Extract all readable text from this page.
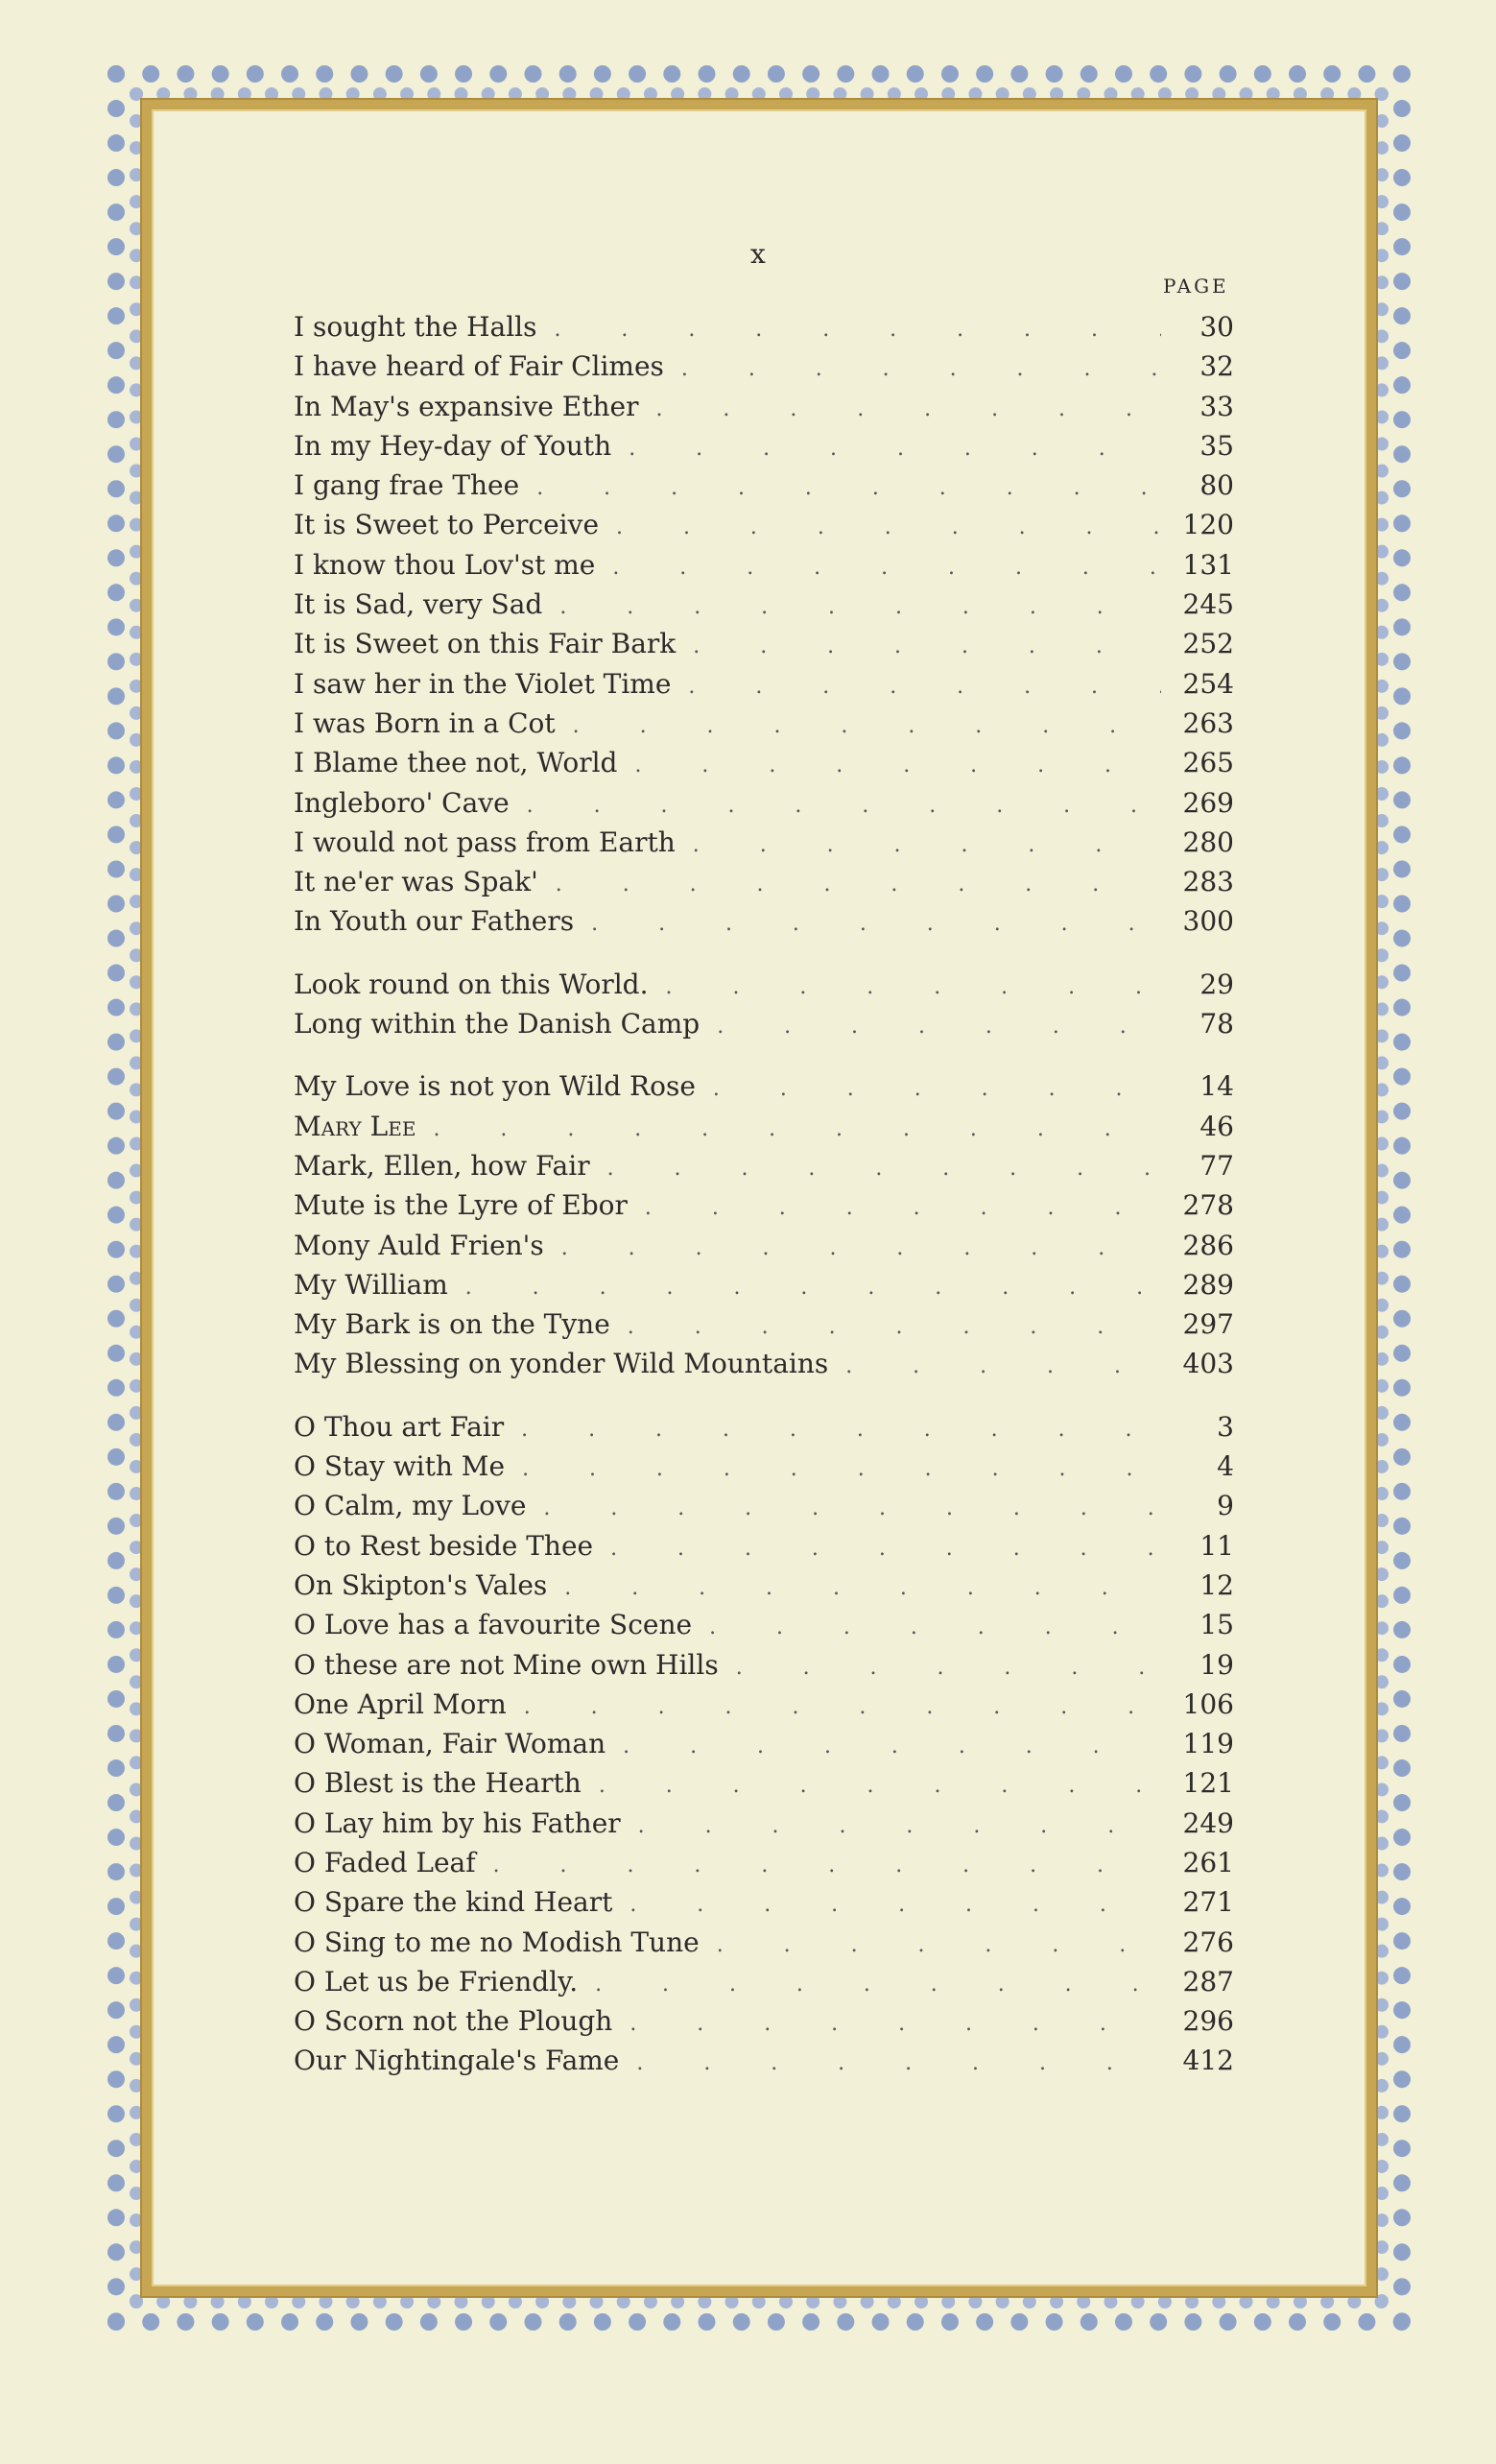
x
PAGE
I sought the Halls .	30
I have heard of Fair Climes .	32
In May's expansive Ether .	33
In my Hey-day of Youth .	35
I gang frae Thee .	80
It is Sweet to Perceive .	120
I know thou Lov'st me .	131
It is Sad, very Sad .	245
It is Sweet on this Fair Bark .	252
I saw her in the Violet Time .	254
I was Born in a Cot .	263
I Blame thee not, World .	265
Ingleboro' Cave .	269
I would not pass from Earth .	280
It ne'er was Spak' .	283
In Youth our Fathers .	300
Look round on this World. .	29
Long within the Danish Camp .	78
My Love is not yon Wild Rose .	14
Mary Lee .	46
Mark, Ellen, how Fair .	77
Mute is the Lyre of Ebor .	278
Mony Auld Frien's .	286
My William .	289
My Bark is on the Tyne .	297
My Blessing on yonder Wild Mountains .	403
O Thou art Fair .	3
O Stay with Me .	4
O Calm, my Love .	9
O to Rest beside Thee .	11
On Skipton's Vales .	12
O Love has a favourite Scene .	15
O these are not Mine own Hills .	19
One April Morn .	106
O Woman, Fair Woman .	119
O Blest is the Hearth .	121
O Lay him by his Father .	249
O Faded Leaf .	261
O Spare the kind Heart .	271
O Sing to me no Modish Tune .	276
O Let us be Friendly. .	287
O Scorn not the Plough .	296
Our Nightingale's Fame .	412
